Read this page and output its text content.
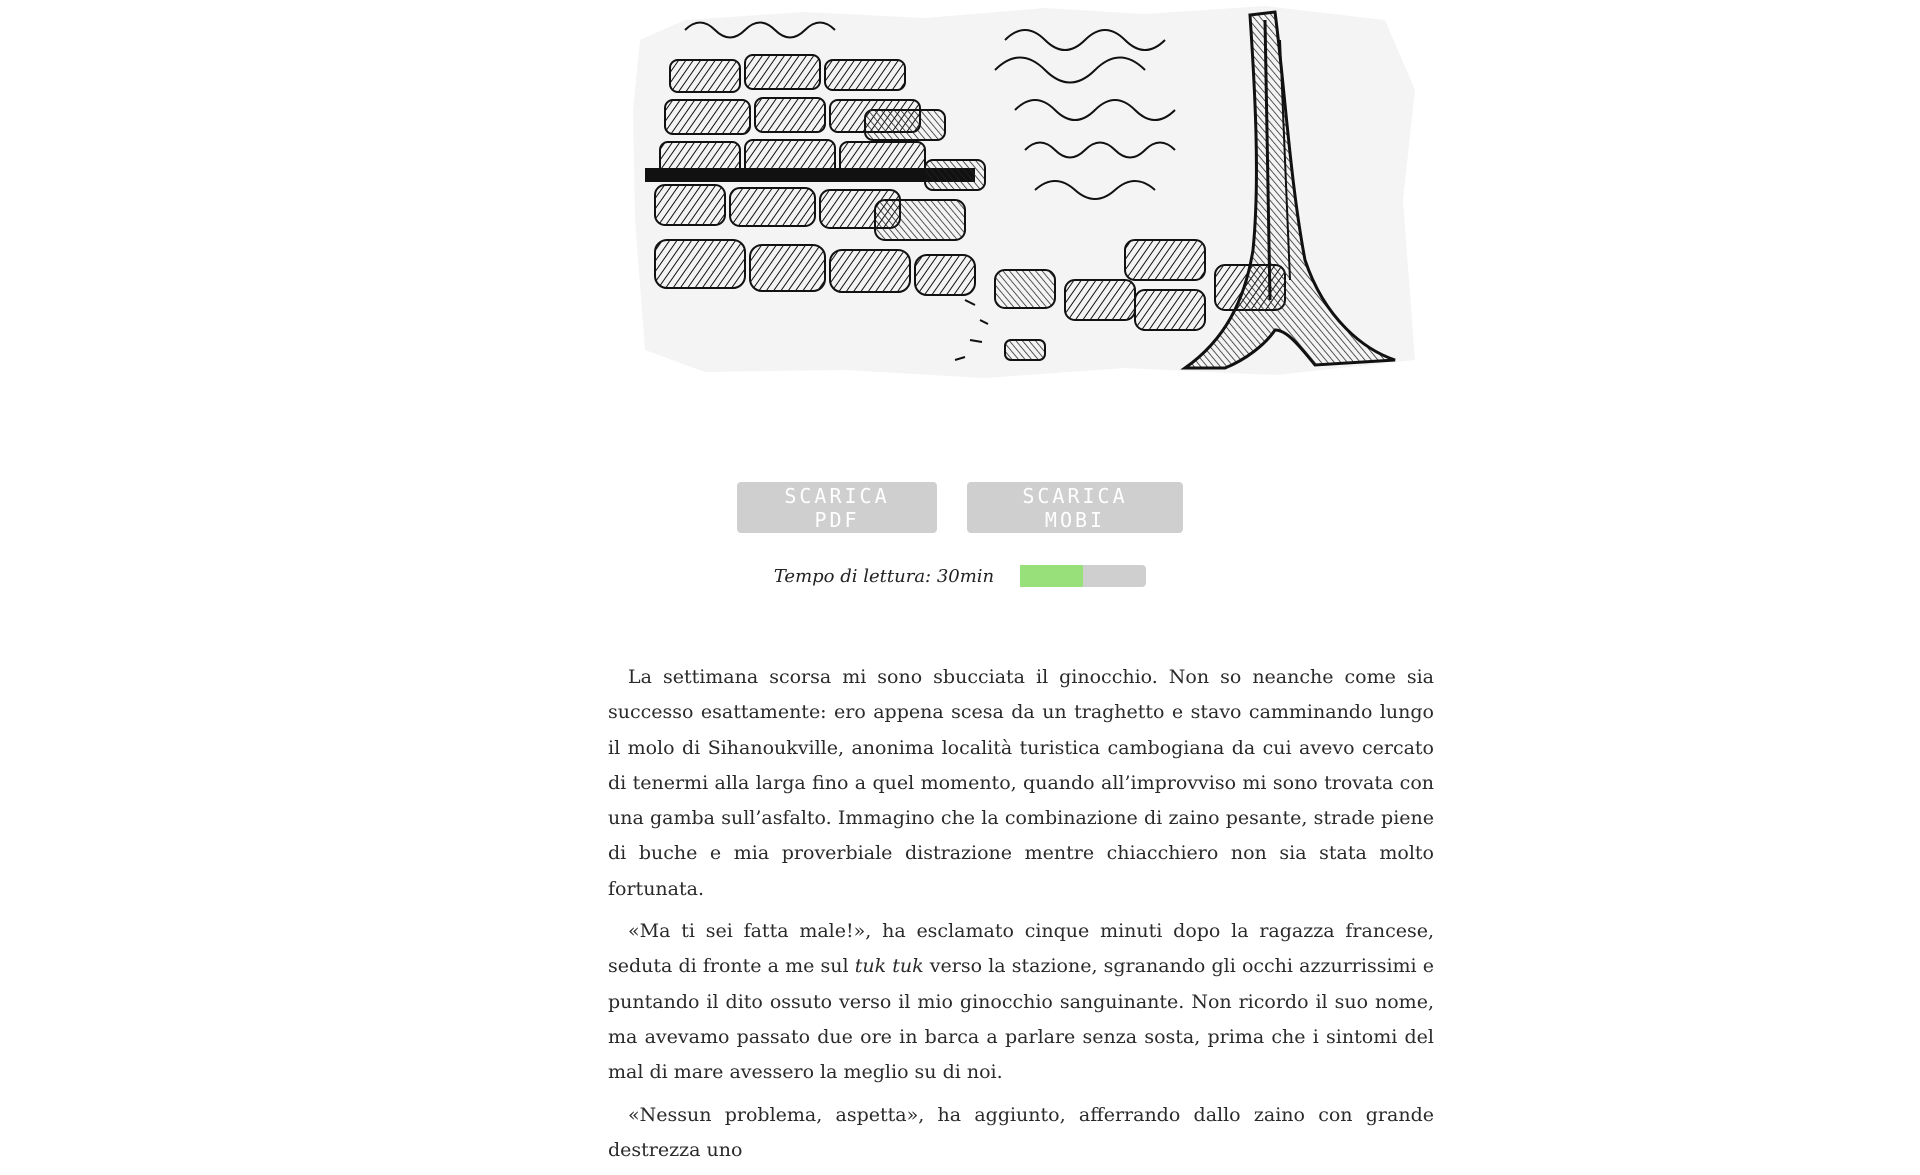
SCARICA PDF
SCARICA MOBI
Tempo di lettura: 30min

La settimana scorsa mi sono sbucciata il ginocchio. Non so neanche come sia successo esattamente: ero appena scesa da un traghetto e stavo camminando lungo il molo di Sihanoukville, anonima località turistica cambogiana da cui avevo cercato di tenermi alla larga fino a quel momento, quando all’improvviso mi sono trovata con una gamba sull’asfalto. Immagino che la combinazione di zaino pesante, strade piene di buche e mia proverbiale distrazione mentre chiacchiero non sia stata molto fortunata.

«Ma ti sei fatta male!», ha esclamato cinque minuti dopo la ragazza francese, seduta di fronte a me sul tuk tuk verso la stazione, sgranando gli occhi azzurrissimi e puntando il dito ossuto verso il mio ginocchio sanguinante. Non ricordo il suo nome, ma avevamo passato due ore in barca a parlare senza sosta, prima che i sintomi del mal di mare avessero la meglio su di noi.

«Nessun problema, aspetta», ha aggiunto, afferrando dallo zaino con grande destrezza uno
